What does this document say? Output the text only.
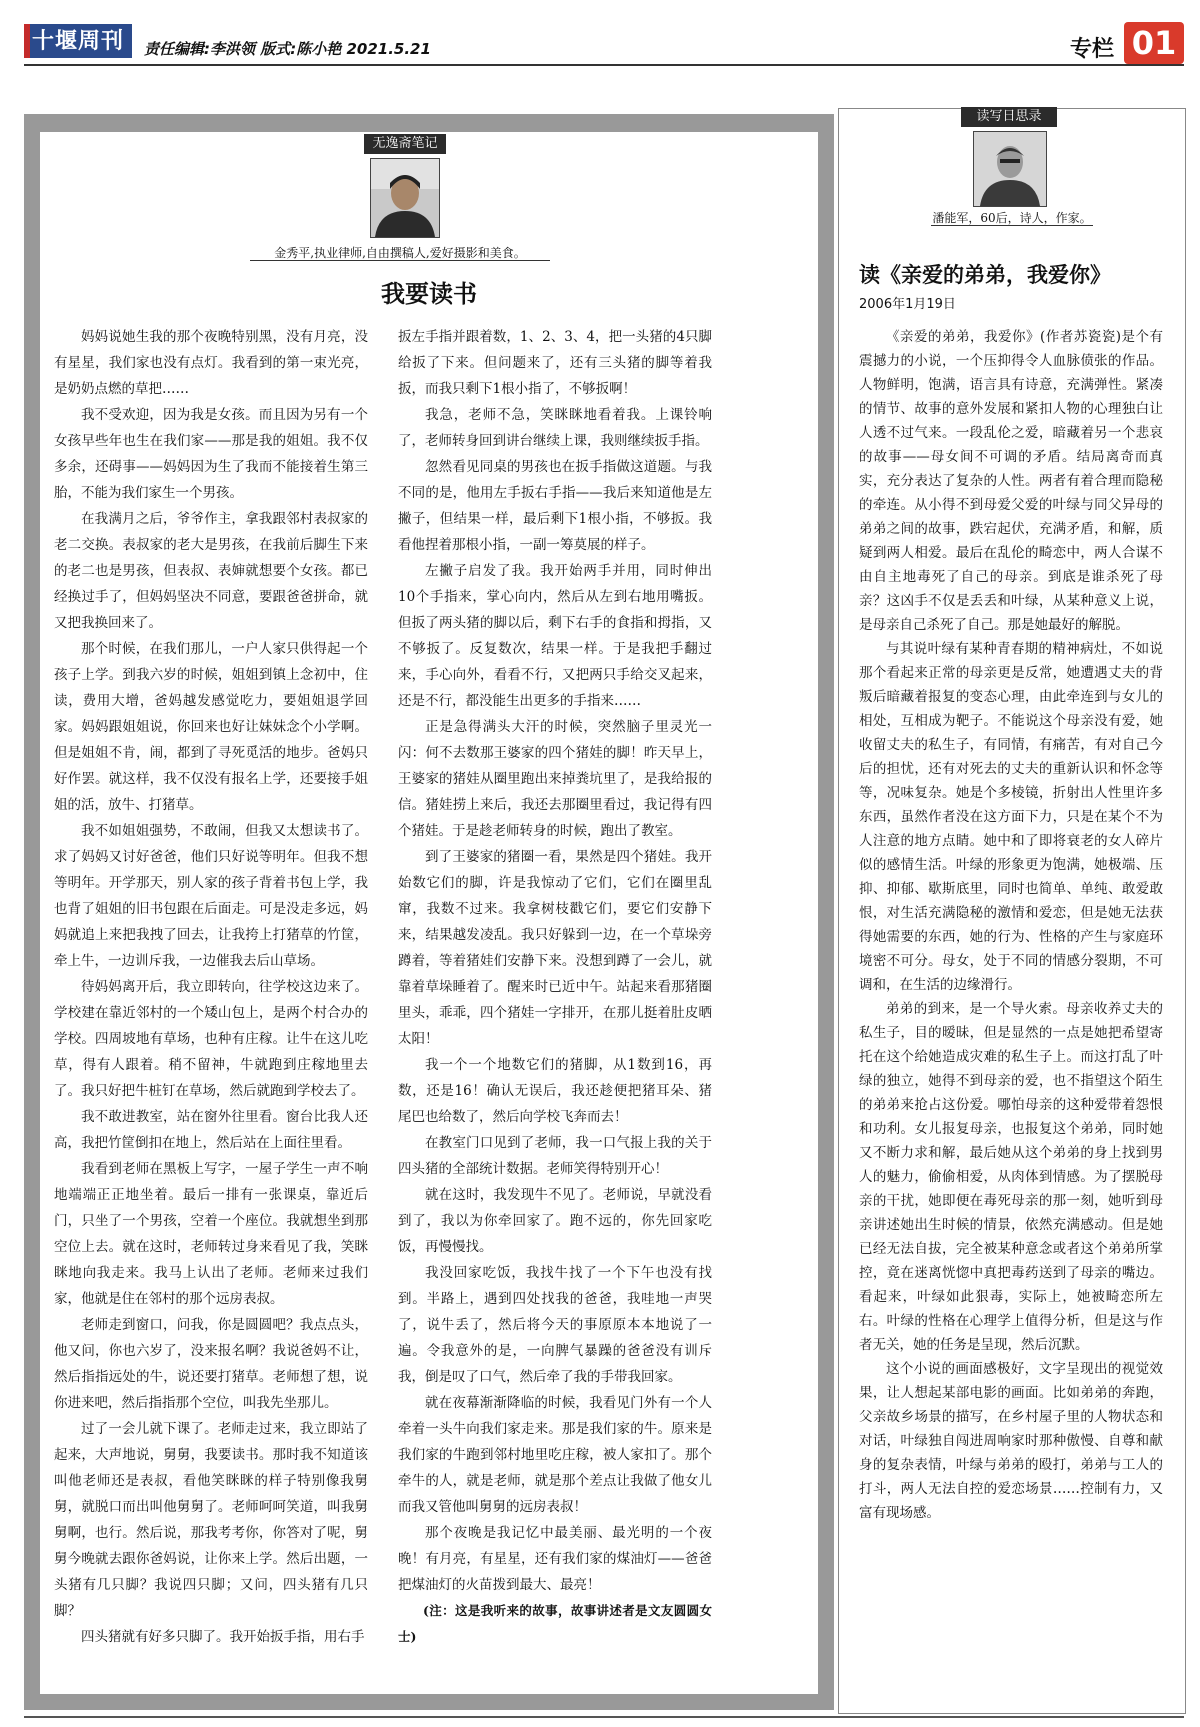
十堰周刊	责任编辑:李洪领 版式:陈小艳 2021.5.21	专栏 01
无逸斋笔记
金秀平,执业律师,自由撰稿人,爱好摄影和美食。
我要读书

妈妈说她生我的那个夜晚特别黑，没有月亮，没有星星，我们家也没有点灯。我看到的第一束光亮，是奶奶点燃的草把……

我不受欢迎，因为我是女孩。而且因为另有一个女孩早些年也生在我们家——那是我的姐姐。我不仅多余，还碍事——妈妈因为生了我而不能接着生第三胎，不能为我们家生一个男孩。

在我满月之后，爷爷作主，拿我跟邻村表叔家的老二交换。表叔家的老大是男孩，在我前后脚生下来的老二也是男孩，但表叔、表婶就想要个女孩。都已经换过手了，但妈妈坚决不同意，要跟爸爸拼命，就又把我换回来了。

那个时候，在我们那儿，一户人家只供得起一个孩子上学。到我六岁的时候，姐姐到镇上念初中，住读，费用大增，爸妈越发感觉吃力，要姐姐退学回家。妈妈跟姐姐说，你回来也好让妹妹念个小学啊。但是姐姐不肯，闹，都到了寻死觅活的地步。爸妈只好作罢。就这样，我不仅没有报名上学，还要接手姐姐的活，放牛、打猪草。

我不如姐姐强势，不敢闹，但我又太想读书了。求了妈妈又讨好爸爸，他们只好说等明年。但我不想等明年。开学那天，别人家的孩子背着书包上学，我也背了姐姐的旧书包跟在后面走。可是没走多远，妈妈就追上来把我拽了回去，让我挎上打猪草的竹筐，牵上牛，一边训斥我，一边催我去后山草场。

待妈妈离开后，我立即转向，往学校这边来了。学校建在靠近邻村的一个矮山包上，是两个村合办的学校。四周坡地有草场，也种有庄稼。让牛在这儿吃草，得有人跟着。稍不留神，牛就跑到庄稼地里去了。我只好把牛桩钉在草场，然后就跑到学校去了。

我不敢进教室，站在窗外往里看。窗台比我人还高，我把竹筐倒扣在地上，然后站在上面往里看。

我看到老师在黑板上写字，一屋子学生一声不响地端端正正地坐着。最后一排有一张课桌，靠近后门，只坐了一个男孩，空着一个座位。我就想坐到那空位上去。就在这时，老师转过身来看见了我，笑眯眯地向我走来。我马上认出了老师。老师来过我们家，他就是住在邻村的那个远房表叔。

老师走到窗口，问我，你是圆圆吧？我点点头，他又问，你也六岁了，没来报名啊？我说爸妈不让，然后指指远处的牛，说还要打猪草。老师想了想，说你进来吧，然后指指那个空位，叫我先坐那儿。

过了一会儿就下课了。老师走过来，我立即站了起来，大声地说，舅舅，我要读书。那时我不知道该叫他老师还是表叔，看他笑眯眯的样子特别像我舅舅，就脱口而出叫他舅舅了。老师呵呵笑道，叫我舅舅啊，也行。然后说，那我考考你，你答对了呢，舅舅今晚就去跟你爸妈说，让你来上学。然后出题，一头猪有几只脚？我说四只脚；又问，四头猪有几只脚？

四头猪就有好多只脚了。我开始扳手指，用右手

扳左手指并跟着数，1、2、3、4，把一头猪的4只脚给扳了下来。但问题来了，还有三头猪的脚等着我扳，而我只剩下1根小指了，不够扳啊！

我急，老师不急，笑眯眯地看着我。上课铃响了，老师转身回到讲台继续上课，我则继续扳手指。

忽然看见同桌的男孩也在扳手指做这道题。与我不同的是，他用左手扳右手指——我后来知道他是左撇子，但结果一样，最后剩下1根小指，不够扳。我看他捏着那根小指，一副一筹莫展的样子。

左撇子启发了我。我开始两手并用，同时伸出10个手指来，掌心向内，然后从左到右地用嘴扳。但扳了两头猪的脚以后，剩下右手的食指和拇指，又不够扳了。反复数次，结果一样。于是我把手翻过来，手心向外，看看不行，又把两只手给交叉起来，还是不行，都没能生出更多的手指来……

正是急得满头大汗的时候，突然脑子里灵光一闪：何不去数那王婆家的四个猪娃的脚！昨天早上，王婆家的猪娃从圈里跑出来掉粪坑里了，是我给报的信。猪娃捞上来后，我还去那圈里看过，我记得有四个猪娃。于是趁老师转身的时候，跑出了教室。

到了王婆家的猪圈一看，果然是四个猪娃。我开始数它们的脚，许是我惊动了它们，它们在圈里乱窜，我数不过来。我拿树枝戳它们，要它们安静下来，结果越发凌乱。我只好躲到一边，在一个草垛旁蹲着，等着猪娃们安静下来。没想到蹲了一会儿，就靠着草垛睡着了。醒来时已近中午。站起来看那猪圈里头，乖乖，四个猪娃一字排开，在那儿挺着肚皮晒太阳！

我一个一个地数它们的猪脚，从1数到16，再数，还是16！确认无误后，我还趁便把猪耳朵、猪尾巴也给数了，然后向学校飞奔而去！

在教室门口见到了老师，我一口气报上我的关于四头猪的全部统计数据。老师笑得特别开心！

就在这时，我发现牛不见了。老师说，早就没看到了，我以为你牵回家了。跑不远的，你先回家吃饭，再慢慢找。

我没回家吃饭，我找牛找了一个下午也没有找到。半路上，遇到四处找我的爸爸，我哇地一声哭了，说牛丢了，然后将今天的事原原本本地说了一遍。令我意外的是，一向脾气暴躁的爸爸没有训斥我，倒是叹了口气，然后牵了我的手带我回家。

就在夜幕渐渐降临的时候，我看见门外有一个人牵着一头牛向我们家走来。那是我们家的牛。原来是我们家的牛跑到邻村地里吃庄稼，被人家扣了。那个牵牛的人，就是老师，就是那个差点让我做了他女儿而我又管他叫舅舅的远房表叔！

那个夜晚是我记忆中最美丽、最光明的一个夜晚！有月亮，有星星，还有我们家的煤油灯——爸爸把煤油灯的火苗拨到最大、最亮！

(注：这是我听来的故事，故事讲述者是文友圆圆女士)

读写日思录
潘能军，60后，诗人，作家。
读《亲爱的弟弟，我爱你》
2006年1月19日

《亲爱的弟弟，我爱你》(作者苏瓷瓷)是个有震撼力的小说，一个压抑得令人血脉偾张的作品。人物鲜明，饱满，语言具有诗意，充满弹性。紧凑的情节、故事的意外发展和紧扣人物的心理独白让人透不过气来。一段乱伦之爱，暗藏着另一个悲哀的故事——母女间不可调的矛盾。结局离奇而真实，充分表达了复杂的人性。两者有着合理而隐秘的牵连。从小得不到母爱父爱的叶绿与同父异母的弟弟之间的故事，跌宕起伏，充满矛盾，和解，质疑到两人相爱。最后在乱伦的畸恋中，两人合谋不由自主地毒死了自己的母亲。到底是谁杀死了母亲？这凶手不仅是丢丢和叶绿，从某种意义上说，是母亲自己杀死了自己。那是她最好的解脱。

与其说叶绿有某种青春期的精神病灶，不如说那个看起来正常的母亲更是反常，她遭遇丈夫的背叛后暗藏着报复的变态心理，由此牵连到与女儿的相处，互相成为靶子。不能说这个母亲没有爱，她收留丈夫的私生子，有同情，有痛苦，有对自己今后的担忧，还有对死去的丈夫的重新认识和怀念等等，况味复杂。她是个多棱镜，折射出人性里许多东西，虽然作者没在这方面下力，只是在某个不为人注意的地方点睛。她中和了即将衰老的女人碎片似的感情生活。叶绿的形象更为饱满，她极端、压抑、抑郁、歇斯底里，同时也简单、单纯、敢爱敢恨，对生活充满隐秘的激情和爱恋，但是她无法获得她需要的东西，她的行为、性格的产生与家庭环境密不可分。母女，处于不同的情感分裂期，不可调和，在生活的边缘滑行。

弟弟的到来，是一个导火索。母亲收养丈夫的私生子，目的暧昧，但是显然的一点是她把希望寄托在这个给她造成灾难的私生子上。而这打乱了叶绿的独立，她得不到母亲的爱，也不指望这个陌生的弟弟来抢占这份爱。哪怕母亲的这种爱带着怨恨和功利。女儿报复母亲，也报复这个弟弟，同时她又不断力求和解，最后她从这个弟弟的身上找到男人的魅力，偷偷相爱，从肉体到情感。为了摆脱母亲的干扰，她即便在毒死母亲的那一刻，她听到母亲讲述她出生时候的情景，依然充满感动。但是她已经无法自拔，完全被某种意念或者这个弟弟所掌控，竟在迷离恍惚中真把毒药送到了母亲的嘴边。看起来，叶绿如此狠毒，实际上，她被畸恋所左右。叶绿的性格在心理学上值得分析，但是这与作者无关，她的任务是呈现，然后沉默。

这个小说的画面感极好，文字呈现出的视觉效果，让人想起某部电影的画面。比如弟弟的奔跑，父亲故乡场景的描写，在乡村屋子里的人物状态和对话，叶绿独自闯进周响家时那种傲慢、自尊和献身的复杂表情，叶绿与弟弟的殴打，弟弟与工人的打斗，两人无法自控的爱恋场景……控制有力，又富有现场感。
